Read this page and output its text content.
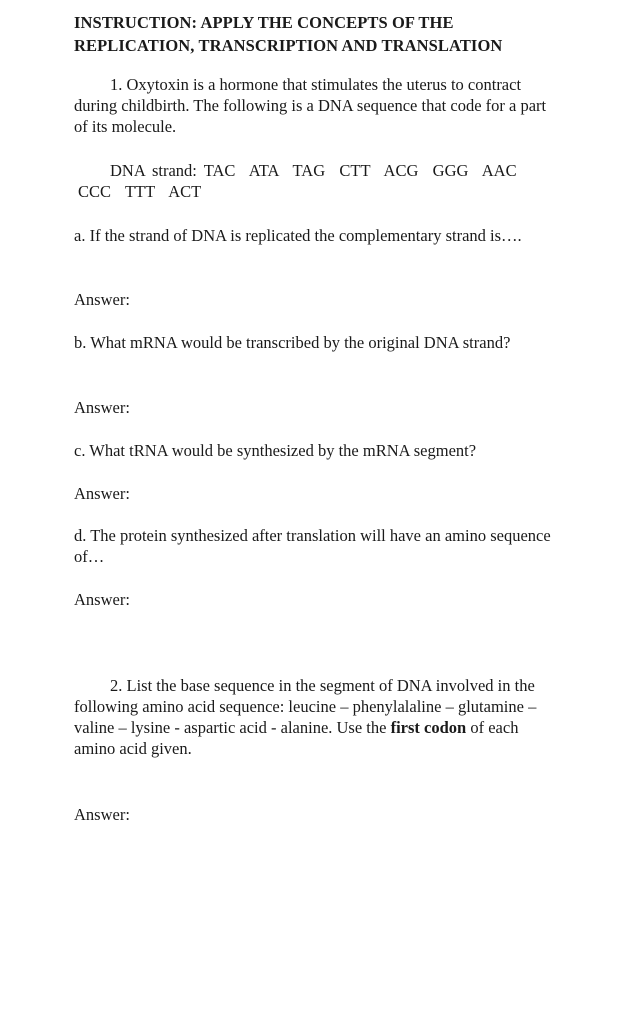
INSTRUCTION: APPLY THE CONCEPTS OF THE
REPLICATION, TRANSCRIPTION AND TRANSLATION

1. Oxytoxin is a hormone that stimulates the uterus to contract during childbirth. The following is a DNA sequence that code for a part of its molecule.

DNA strand: TAC  ATA  TAG  CTT  ACG  GGG  AAC  CCC  TTT  ACT

a. If the strand of DNA is replicated the complementary strand is….

Answer:

b. What mRNA would be transcribed by the original DNA strand?

Answer:

c. What tRNA would be synthesized by the mRNA segment?

Answer:

d. The protein synthesized after translation will have an amino sequence of…

Answer:

2. List the base sequence in the segment of DNA involved in the following amino acid sequence: leucine – phenylalaline – glutamine – valine – lysine - aspartic acid - alanine. Use the first codon of each amino acid given.

Answer:
